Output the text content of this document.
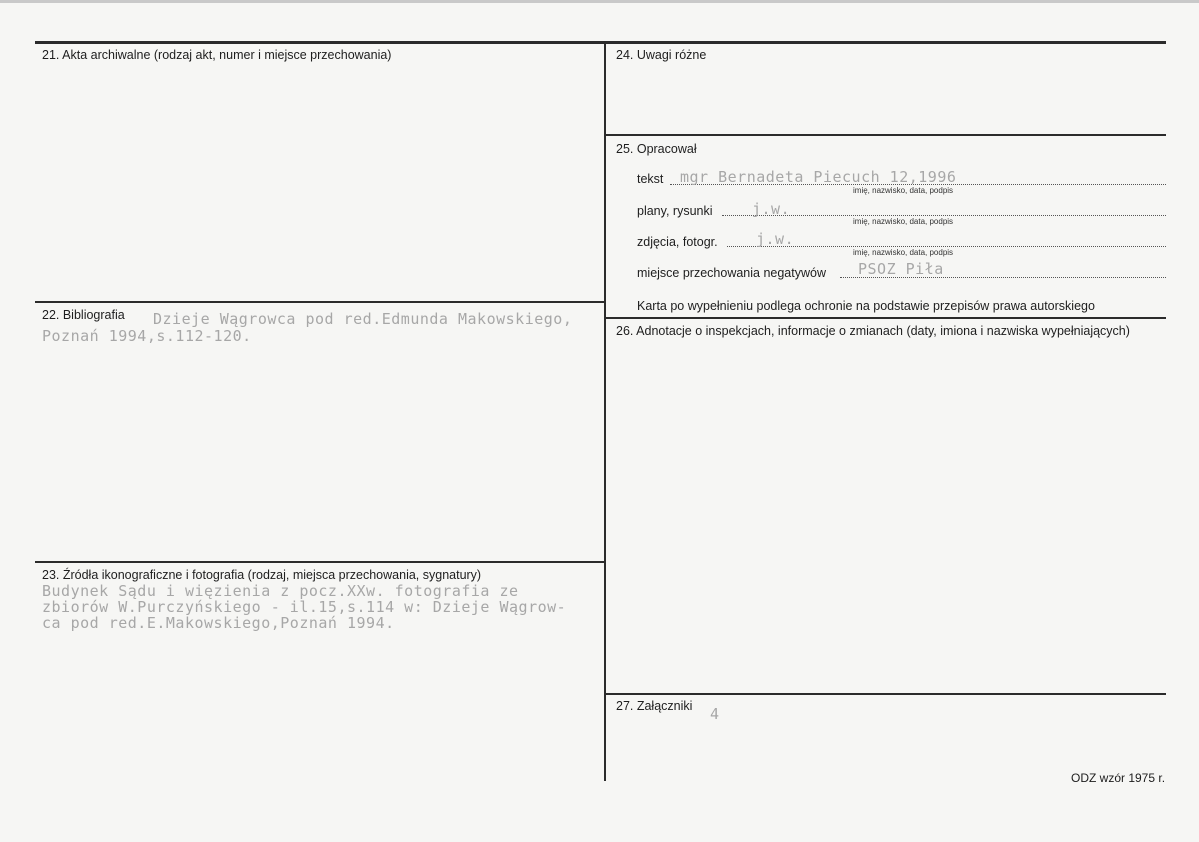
21. Akta archiwalne (rodzaj akt, numer i miejsce przechowania)
22. Bibliografia Dzieje Wągrowca pod red.Edmunda Makowskiego,
Poznań 1994,s.112-120.
23. Źródła ikonograficzne i fotografia (rodzaj, miejsca przechowania, sygnatury)
Budynek Sądu i więzienia z pocz.XXw. fotografia ze
zbiorów W.Purczyńskiego - il.15,s.114 w: Dzieje Wągrow-
ca pod red.E.Makowskiego,Poznań 1994.
24. Uwagi różne
25. Opracował
tekst mgr Bernadeta Piecuch 12,1996
imię, nazwisko, data, podpis
plany, rysunki	j.w.
imię, nazwisko, data, podpis
zdjęcia, fotogr.	j.w.
imię, nazwisko, data, podpis
miejsce przechowania negatywów PSOZ Piła
Karta po wypełnieniu podlega ochronie na podstawie przepisów prawa autorskiego
26. Adnotacje o inspekcjach, informacje o zmianach (daty, imiona i nazwiska wypełniających)
27. Załączniki 4
ODZ wzór 1975 r.
